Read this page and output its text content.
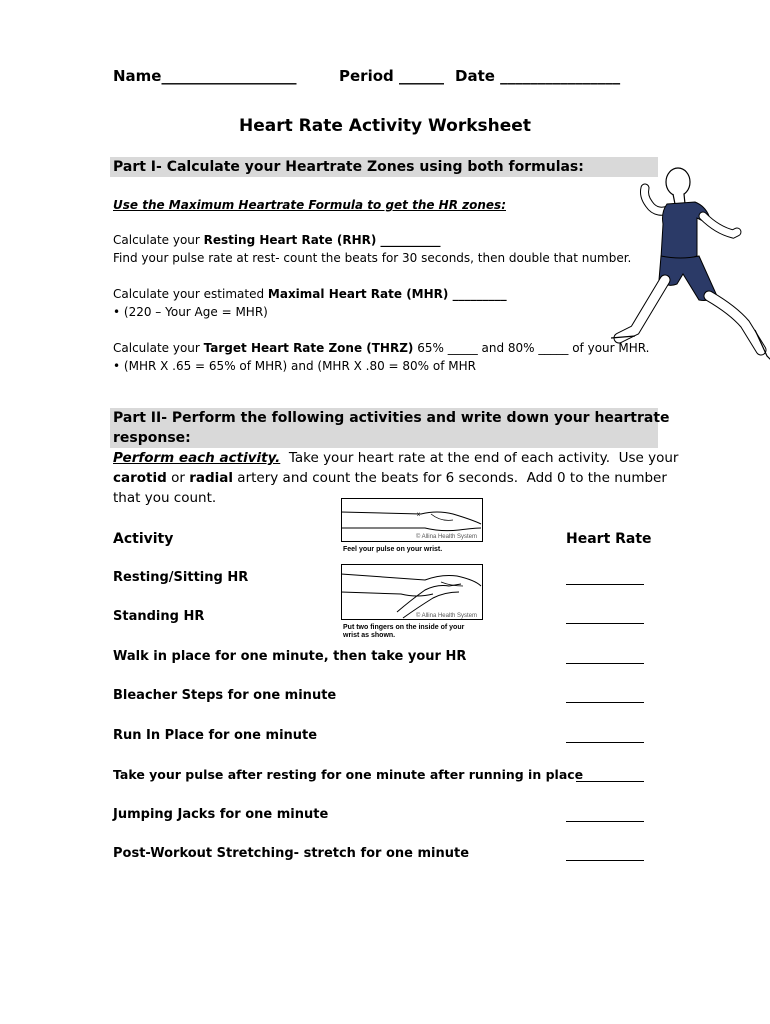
Name__________________	Period ______ Date ________________
Heart Rate Activity Worksheet
Part I- Calculate your Heartrate Zones using both formulas:
Use the Maximum Heartrate Formula to get the HR zones:
Calculate your Resting Heart Rate (RHR) __________
Find your pulse rate at rest- count the beats for 30 seconds, then double that number.
Calculate your estimated Maximal Heart Rate (MHR) _________
• (220 – Your Age = MHR)
Calculate your Target Heart Rate Zone (THRZ) 65% _____ and 80% _____ of your MHR.
• (MHR X .65 = 65% of MHR) and (MHR X .80 = 80% of MHR
Part II- Perform the following activities and write down your heartrate
response:
Perform each activity.  Take your heart rate at the end of each activity.  Use your
carotid or radial artery and count the beats for 6 seconds.  Add 0 to the number
that you count.
x
© Allina Health System
Feel your pulse on your wrist.
Activity	Heart Rate
© Allina Health System
Put two fingers on the inside of your
wrist as shown.
Resting/Sitting HR
Standing HR
Walk in place for one minute, then take your HR
Bleacher Steps for one minute
Run In Place for one minute
Take your pulse after resting for one minute after running in place
Jumping Jacks for one minute
Post-Workout Stretching- stretch for one minute
